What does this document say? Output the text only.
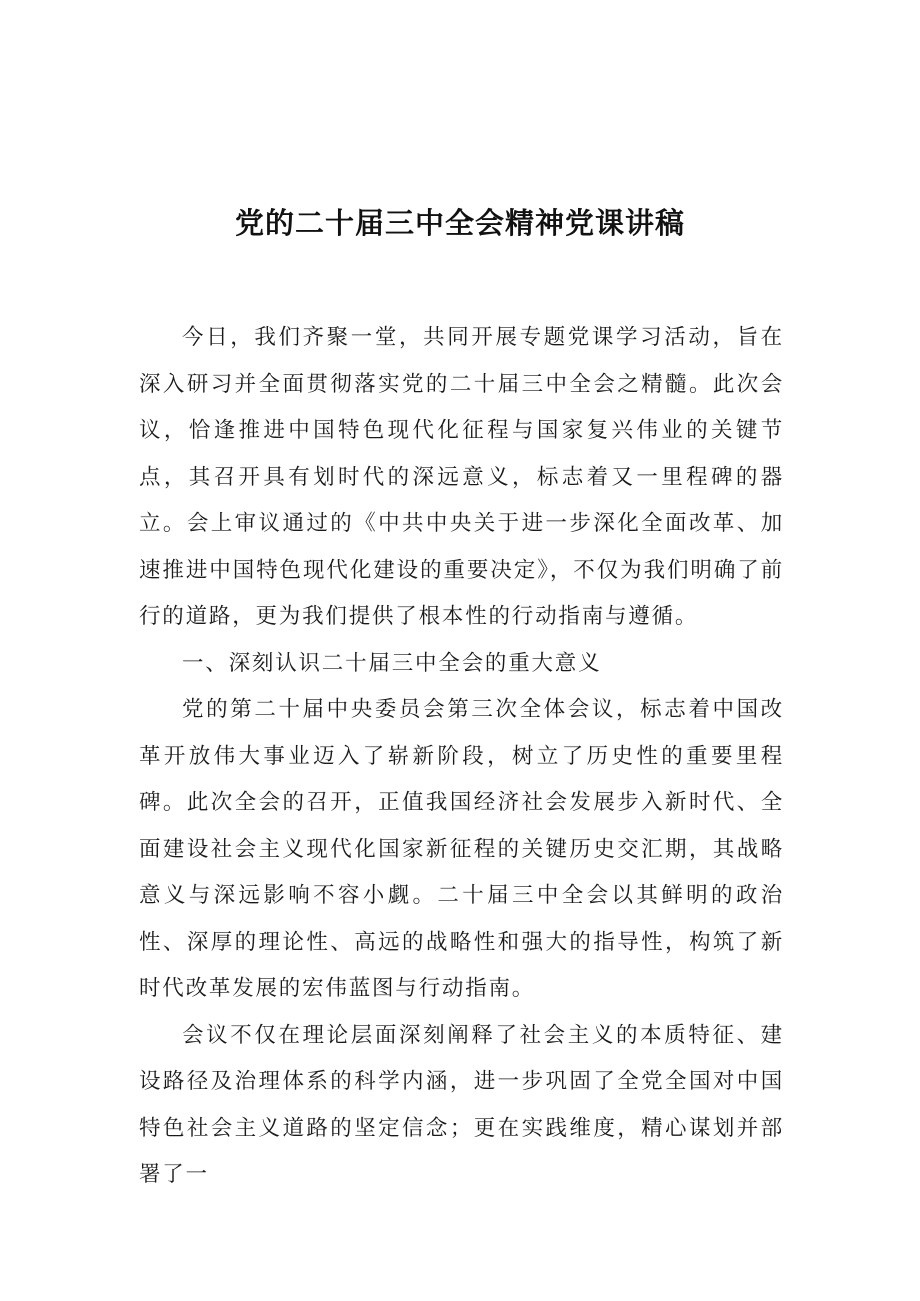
党的二十届三中全会精神党课讲稿

今日，我们齐聚一堂，共同开展专题党课学习活动，旨在深入研习并全面贯彻落实党的二十届三中全会之精髓。此次会议，恰逢推进中国特色现代化征程与国家复兴伟业的关键节点，其召开具有划时代的深远意义，标志着又一里程碑的器立。会上审议通过的《中共中央关于进一步深化全面改革、加速推进中国特色现代化建设的重要决定》，不仅为我们明确了前行的道路，更为我们提供了根本性的行动指南与遵循。

一、深刻认识二十届三中全会的重大意义

党的第二十届中央委员会第三次全体会议，标志着中国改革开放伟大事业迈入了崭新阶段，树立了历史性的重要里程碑。此次全会的召开，正值我国经济社会发展步入新时代、全面建设社会主义现代化国家新征程的关键历史交汇期，其战略意义与深远影响不容小觑。二十届三中全会以其鲜明的政治性、深厚的理论性、高远的战略性和强大的指导性，构筑了新时代改革发展的宏伟蓝图与行动指南。

会议不仅在理论层面深刻阐释了社会主义的本质特征、建设路径及治理体系的科学内涵，进一步巩固了全党全国对中国特色社会主义道路的坚定信念；更在实践维度，精心谋划并部署了一
